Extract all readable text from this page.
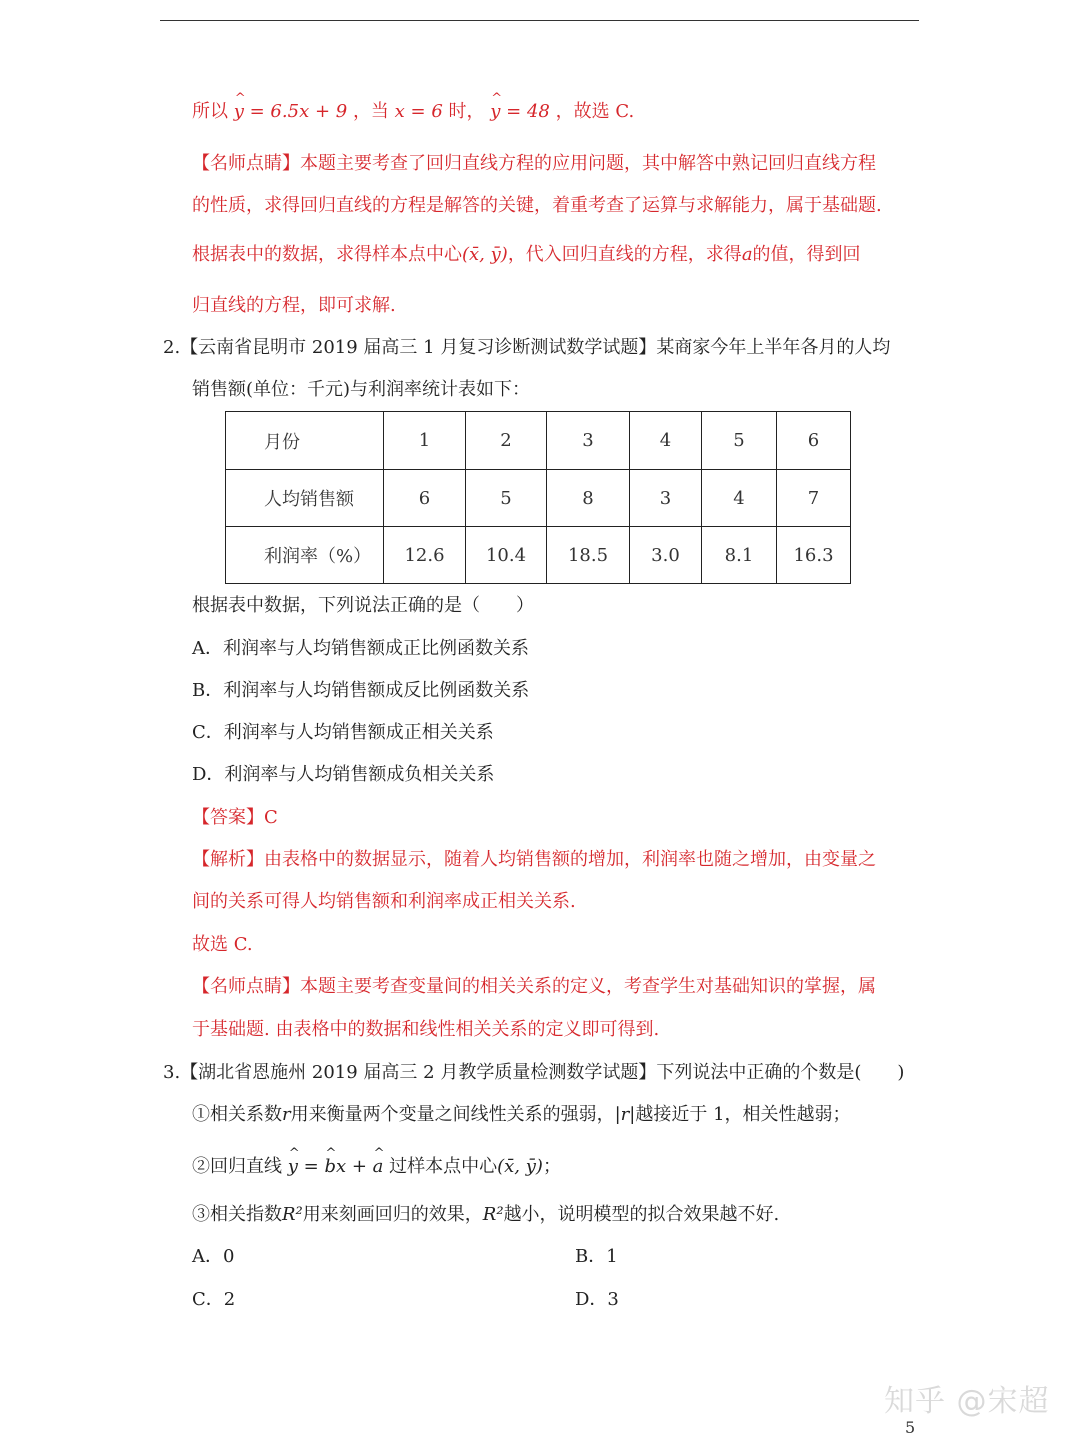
所以 ^ y = 6.5x + 9 ，当 x = 6 时， ^ y = 48 ，故选 C.
【名师点睛】本题主要考查了回归直线方程的应用问题，其中解答中熟记回归直线方程
的性质，求得回归直线的方程是解答的关键，着重考查了运算与求解能力，属于基础题.
根据表中的数据，求得样本点中心(x̄, ȳ)，代入回归直线的方程，求得a的值，得到回
归直线的方程，即可求解.
2.【云南省昆明市 2019 届高三 1 月复习诊断测试数学试题】某商家今年上半年各月的人均
销售额(单位：千元)与利润率统计表如下：
月份	1	2	3	4	5	6
人均销售额	6	5	8	3	4	7
利润率（%）	12.6	10.4	18.5	3.0	8.1	16.3
根据表中数据，下列说法正确的是（　　）
A．利润率与人均销售额成正比例函数关系
B．利润率与人均销售额成反比例函数关系
C．利润率与人均销售额成正相关关系
D．利润率与人均销售额成负相关关系
【答案】C
【解析】由表格中的数据显示，随着人均销售额的增加，利润率也随之增加，由变量之
间的关系可得人均销售额和利润率成正相关关系.
故选 C.
【名师点睛】本题主要考查变量间的相关关系的定义，考查学生对基础知识的掌握，属
于基础题. 由表格中的数据和线性相关关系的定义即可得到.
3.【湖北省恩施州 2019 届高三 2 月教学质量检测数学试题】下列说法中正确的个数是(　　)
①相关系数r用来衡量两个变量之间线性关系的强弱，|r|越接近于 1，相关性越弱；
②回归直线 ^ y = ^ bx + ^ a 过样本点中心(x̄, ȳ)；
③相关指数R²用来刻画回归的效果，R²越小，说明模型的拟合效果越不好.
A．0	B．1
C．2	D．3
知乎 @宋超
5
